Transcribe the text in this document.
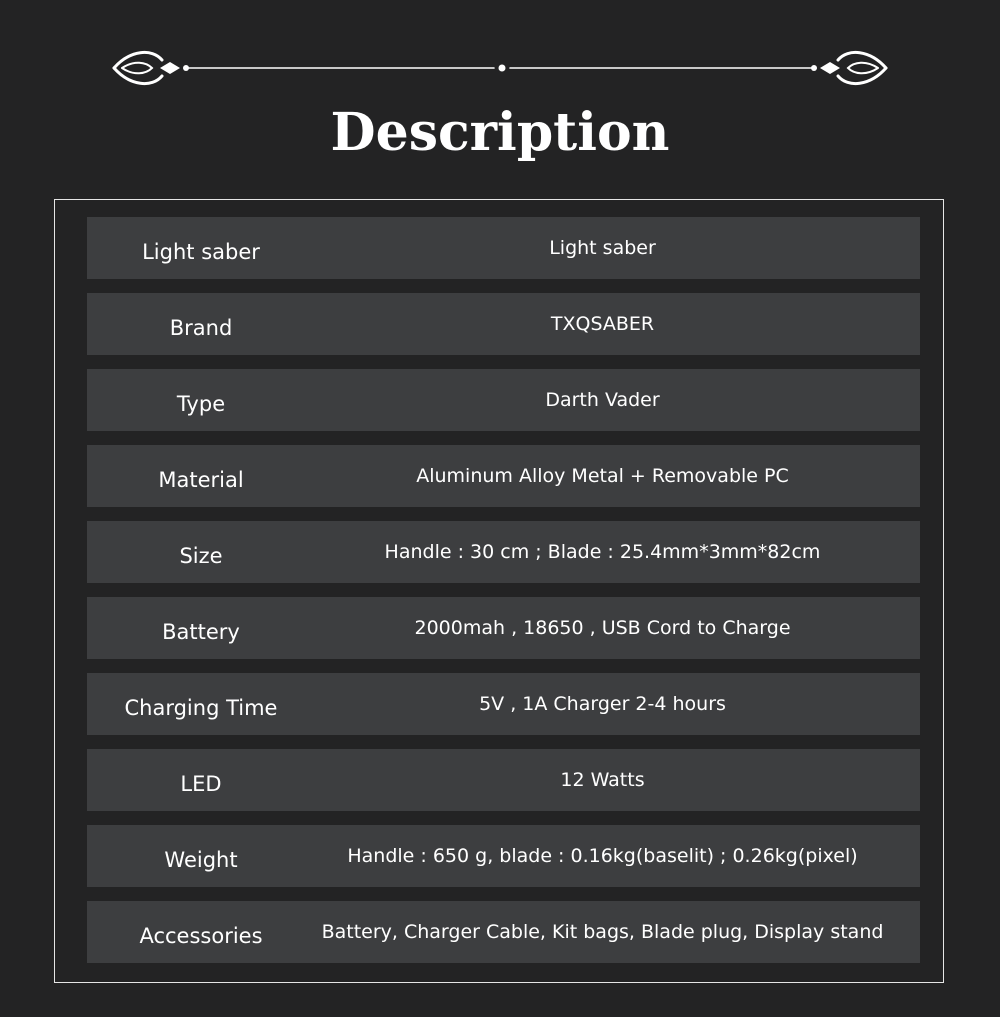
Description
Light saber	Light saber
Brand	TXQSABER
Type	Darth Vader
Material	Aluminum Alloy Metal + Removable PC
Size	Handle : 30 cm ; Blade : 25.4mm*3mm*82cm
Battery	2000mah , 18650 , USB Cord to Charge
Charging Time	5V , 1A Charger 2-4 hours
LED	12 Watts
Weight	Handle : 650 g, blade : 0.16kg(baselit) ; 0.26kg(pixel)
Accessories	Battery, Charger Cable, Kit bags, Blade plug, Display stand
